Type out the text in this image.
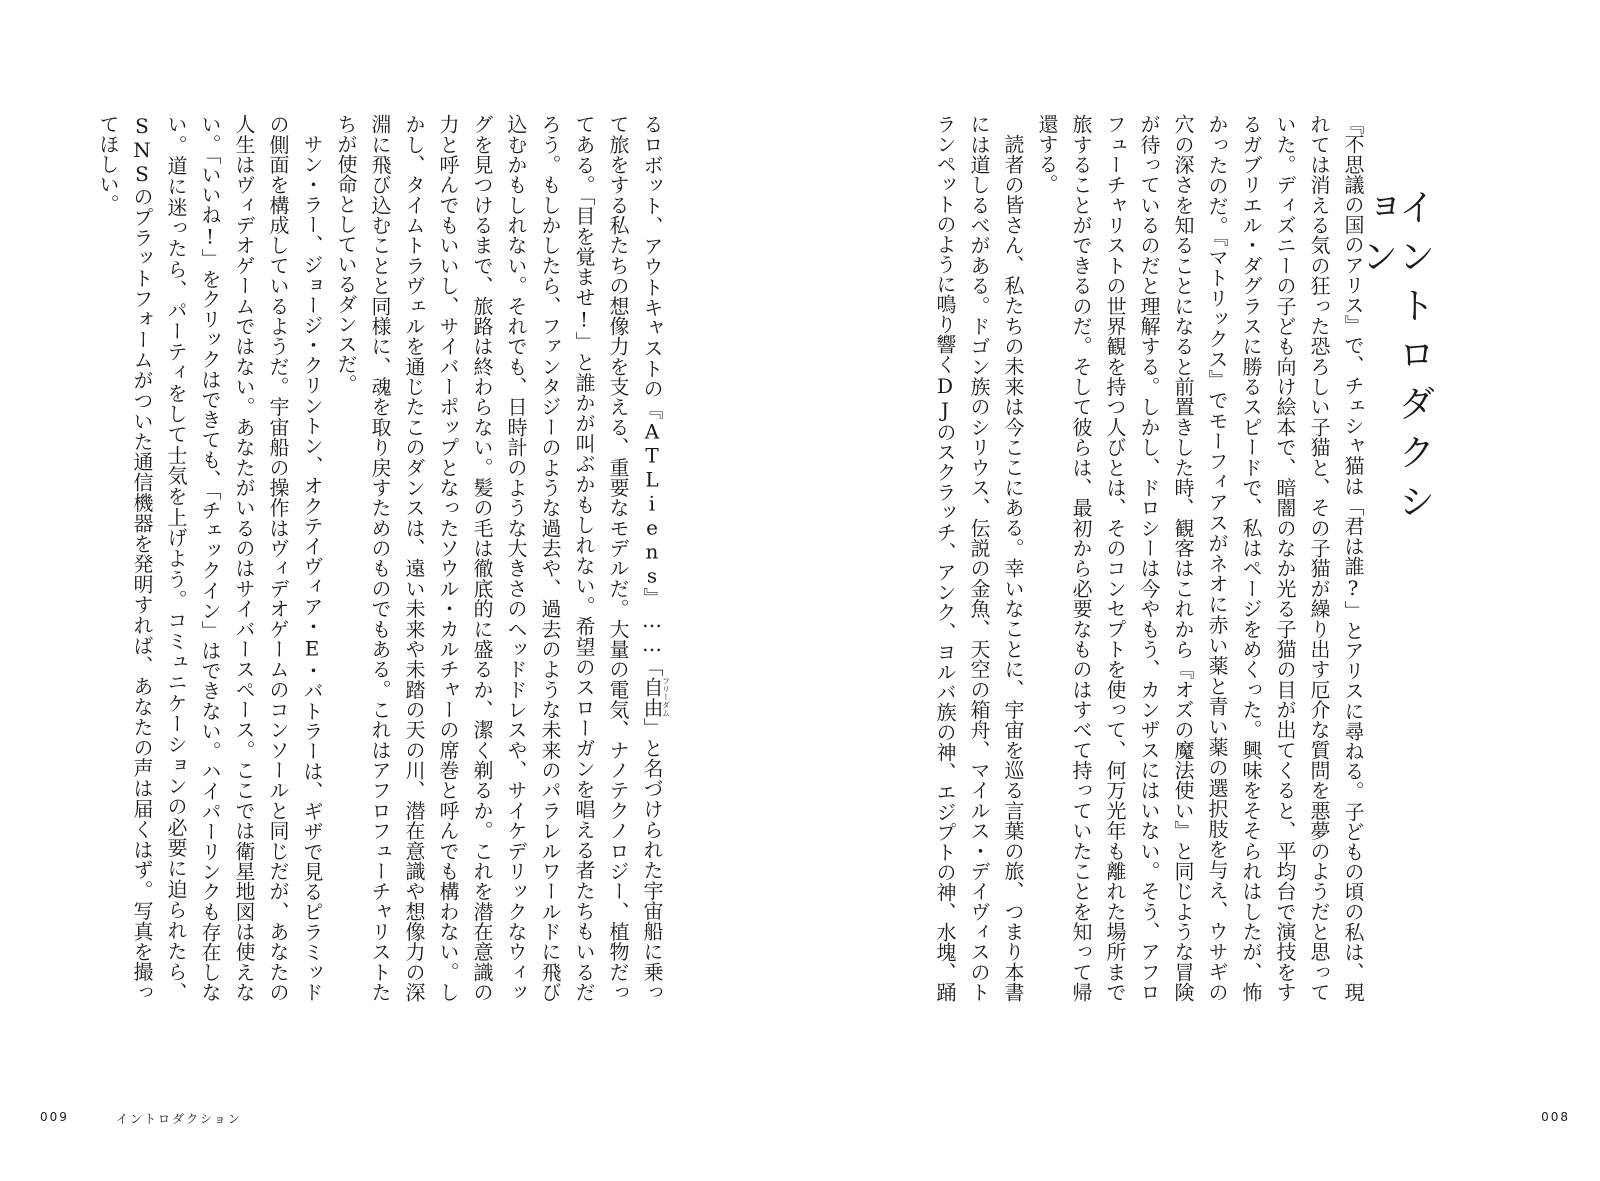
イントロダクション

『不思議の国のアリス』で、チェシャ猫は「君は誰?」とアリスに尋ねる。子どもの頃の私は、現れては消える気の狂った恐ろしい子猫と、その子猫が繰り出す厄介な質問を悪夢のようだと思っていた。ディズニーの子ども向け絵本で、暗闇のなか光る子猫の目が出てくると、平均台で演技をするガブリエル・ダグラスに勝るスピードで、私はページをめくった。興味をそそられはしたが、怖かったのだ。『マトリックス』でモーフィアスがネオに赤い薬と青い薬の選択肢を与え、ウサギの穴の深さを知ることになると前置きした時、観客はこれから『オズの魔法使い』と同じような冒険が待っているのだと理解する。しかし、ドロシーは今やもう、カンザスにはいない。そう、アフロフューチャリストの世界観を持つ人びとは、そのコンセプトを使って、何万光年も離れた場所まで旅することができるのだ。そして彼らは、最初から必要なものはすべて持っていたことを知って帰還する。

読者の皆さん、私たちの未来は今ここにある。幸いなことに、宇宙を巡る言葉の旅、つまり本書には道しるべがある。ドゴン族のシリウス、伝説の金魚、天空の箱舟、マイルス・デイヴィスのトランペットのように鳴り響くDJのスクラッチ、アンク、ヨルバ族の神、エジプトの神、水塊、踊

008

るロボット、アウトキャストの『ATLiens』……「自由フリーダム」と名づけられた宇宙船に乗って旅をする私たちの想像力を支える、重要なモデルだ。大量の電気、ナノテクノロジー、植物だってある。「目を覚ませ!」と誰かが叫ぶかもしれない。希望のスローガンを唱える者たちもいるだろう。もしかしたら、ファンタジーのような過去や、過去のような未来のパラレルワールドに飛び込むかもしれない。それでも、日時計のような大きさのヘッドドレスや、サイケデリックなウィッグを見つけるまで、旅路は終わらない。髪の毛は徹底的に盛るか、潔く剃るか。これを潜在意識の力と呼んでもいいし、サイバーポップとなったソウル・カルチャーの席巻と呼んでも構わない。しかし、タイムトラヴェルを通じたこのダンスは、遠い未来や未踏の天の川、潜在意識や想像力の深淵に飛び込むことと同様に、魂を取り戻すためのものでもある。これはアフロフューチャリストたちが使命としているダンスだ。

サン・ラー、ジョージ・クリントン、オクテイヴィア・E・バトラーは、ギザで見るピラミッドの側面を構成しているようだ。宇宙船の操作はヴィデオゲームのコンソールと同じだが、あなたの人生はヴィデオゲームではない。あなたがいるのはサイバースペース。ここでは衛星地図は使えない。「いいね!」をクリックはできても、「チェックイン」はできない。ハイパーリンクも存在しない。道に迷ったら、パーティをして士気を上げよう。コミュニケーションの必要に迫られたら、SNSのプラットフォームがついた通信機器を発明すれば、あなたの声は届くはず。写真を撮ってほしい。

009	イントロダクション
